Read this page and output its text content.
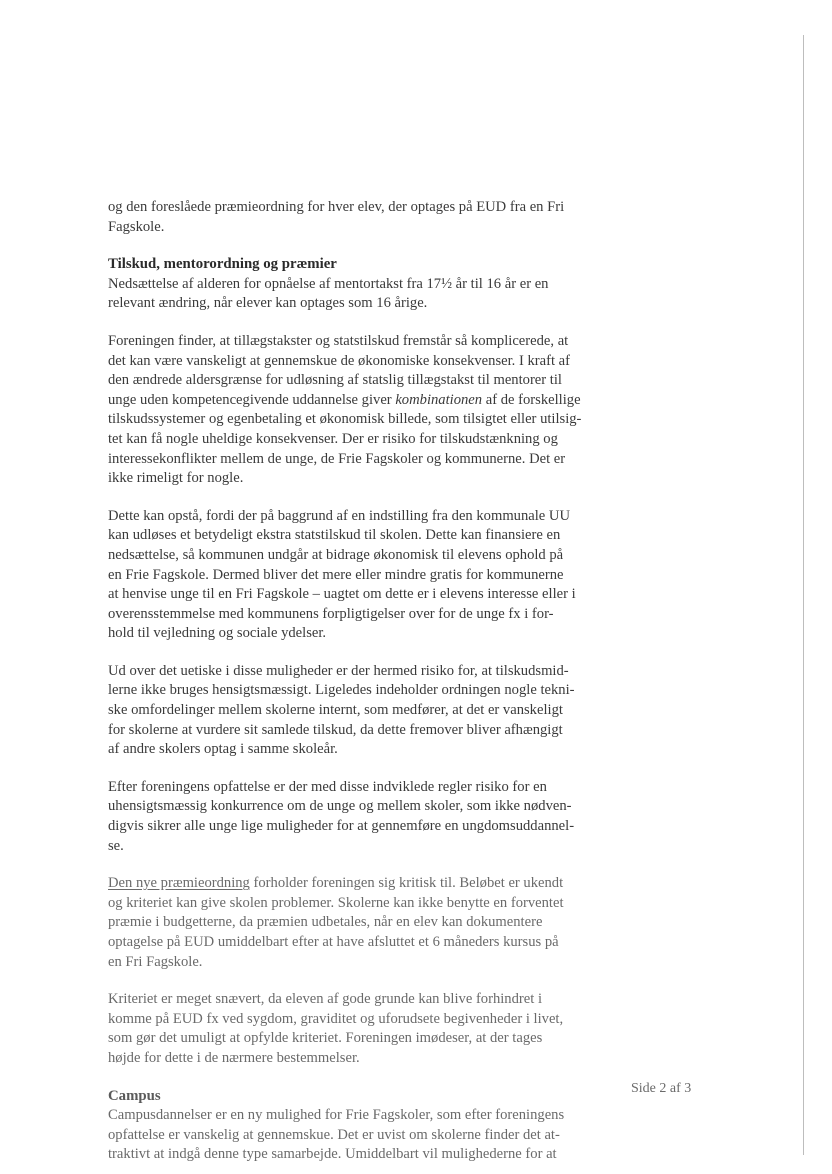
og den foreslåede præmieordning for hver elev, der optages på EUD fra en Fri
Fagskole.

Tilskud, mentorordning og præmier

Nedsættelse af alderen for opnåelse af mentortakst fra 17½ år til 16 år er en
relevant ændring, når elever kan optages som 16 årige.

Foreningen finder, at tillægstakster og statstilskud fremstår så komplicerede, at
det kan være vanskeligt at gennemskue de økonomiske konsekvenser. I kraft af
den ændrede aldersgrænse for udløsning af statslig tillægstakst til mentorer til
unge uden kompetencegivende uddannelse giver kombinationen af de forskellige
tilskudssystemer og egenbetaling et økonomisk billede, som tilsigtet eller utilsig-
tet kan få nogle uheldige konsekvenser. Der er risiko for tilskudstænkning og
interessekonflikter mellem de unge, de Frie Fagskoler og kommunerne. Det er
ikke rimeligt for nogle.

Dette kan opstå, fordi der på baggrund af en indstilling fra den kommunale UU
kan udløses et betydeligt ekstra statstilskud til skolen. Dette kan finansiere en
nedsættelse, så kommunen undgår at bidrage økonomisk til elevens ophold på
en Frie Fagskole. Dermed bliver det mere eller mindre gratis for kommunerne
at henvise unge til en Fri Fagskole – uagtet om dette er i elevens interesse eller i
overensstemmelse med kommunens forpligtigelser over for de unge fx i for-
hold til vejledning og sociale ydelser.

Ud over det uetiske i disse muligheder er der hermed risiko for, at tilskudsmid-
lerne ikke bruges hensigtsmæssigt. Ligeledes indeholder ordningen nogle tekni-
ske omfordelinger mellem skolerne internt, som medfører, at det er vanskeligt
for skolerne at vurdere sit samlede tilskud, da dette fremover bliver afhængigt
af andre skolers optag i samme skoleår.

Efter foreningens opfattelse er der med disse indviklede regler risiko for en
uhensigtsmæssig konkurrence om de unge og mellem skoler, som ikke nødven-
digvis sikrer alle unge lige muligheder for at gennemføre en ungdomsuddannel-
se.

Den nye præmieordning forholder foreningen sig kritisk til. Beløbet er ukendt
og kriteriet kan give skolen problemer. Skolerne kan ikke benytte en forventet
præmie i budgetterne, da præmien udbetales, når en elev kan dokumentere
optagelse på EUD umiddelbart efter at have afsluttet et 6 måneders kursus på
en Fri Fagskole.

Kriteriet er meget snævert, da eleven af gode grunde kan blive forhindret i
komme på EUD fx ved sygdom, graviditet og uforudsete begivenheder i livet,
som gør det umuligt at opfylde kriteriet. Foreningen imødeser, at der tages
højde for dette i de nærmere bestemmelser.

Campus

Campusdannelser er en ny mulighed for Frie Fagskoler, som efter foreningens
opfattelse er vanskelig at gennemskue. Det er uvist om skolerne finder det at-
traktivt at indgå denne type samarbejde. Umiddelbart vil mulighederne for at

Side 2 af 3
